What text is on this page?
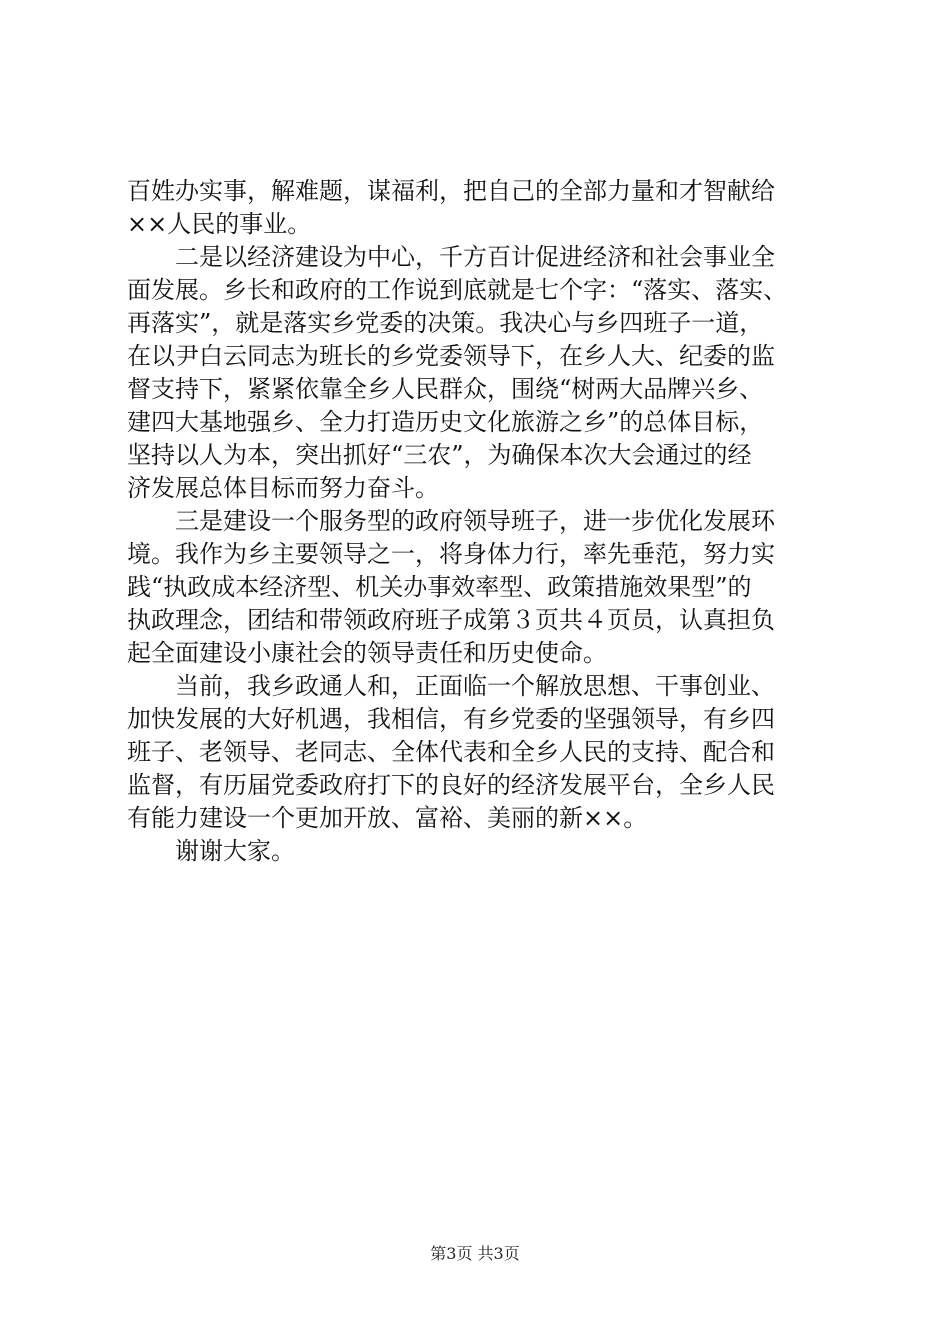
百姓办实事，解难题，谋福利，把自己的全部力量和才智献给
××人民的事业。
二是以经济建设为中心，千方百计促进经济和社会事业全
面发展。乡长和政府的工作说到底就是七个字：“落实、落实、
再落实”，就是落实乡党委的决策。我决心与乡四班子一道，
在以尹白云同志为班长的乡党委领导下，在乡人大、纪委的监
督支持下，紧紧依靠全乡人民群众，围绕“树两大品牌兴乡、
建四大基地强乡、全力打造历史文化旅游之乡”的总体目标，
坚持以人为本，突出抓好“三农”，为确保本次大会通过的经
济发展总体目标而努力奋斗。
三是建设一个服务型的政府领导班子，进一步优化发展环
境。我作为乡主要领导之一，将身体力行，率先垂范，努力实
践“执政成本经济型、机关办事效率型、政策措施效果型”的
执政理念，团结和带领政府班子成第３页共４页员，认真担负
起全面建设小康社会的领导责任和历史使命。
当前，我乡政通人和，正面临一个解放思想、干事创业、
加快发展的大好机遇，我相信，有乡党委的坚强领导，有乡四
班子、老领导、老同志、全体代表和全乡人民的支持、配合和
监督，有历届党委政府打下的良好的经济发展平台，全乡人民
有能力建设一个更加开放、富裕、美丽的新××。
谢谢大家。
第3页 共3页
